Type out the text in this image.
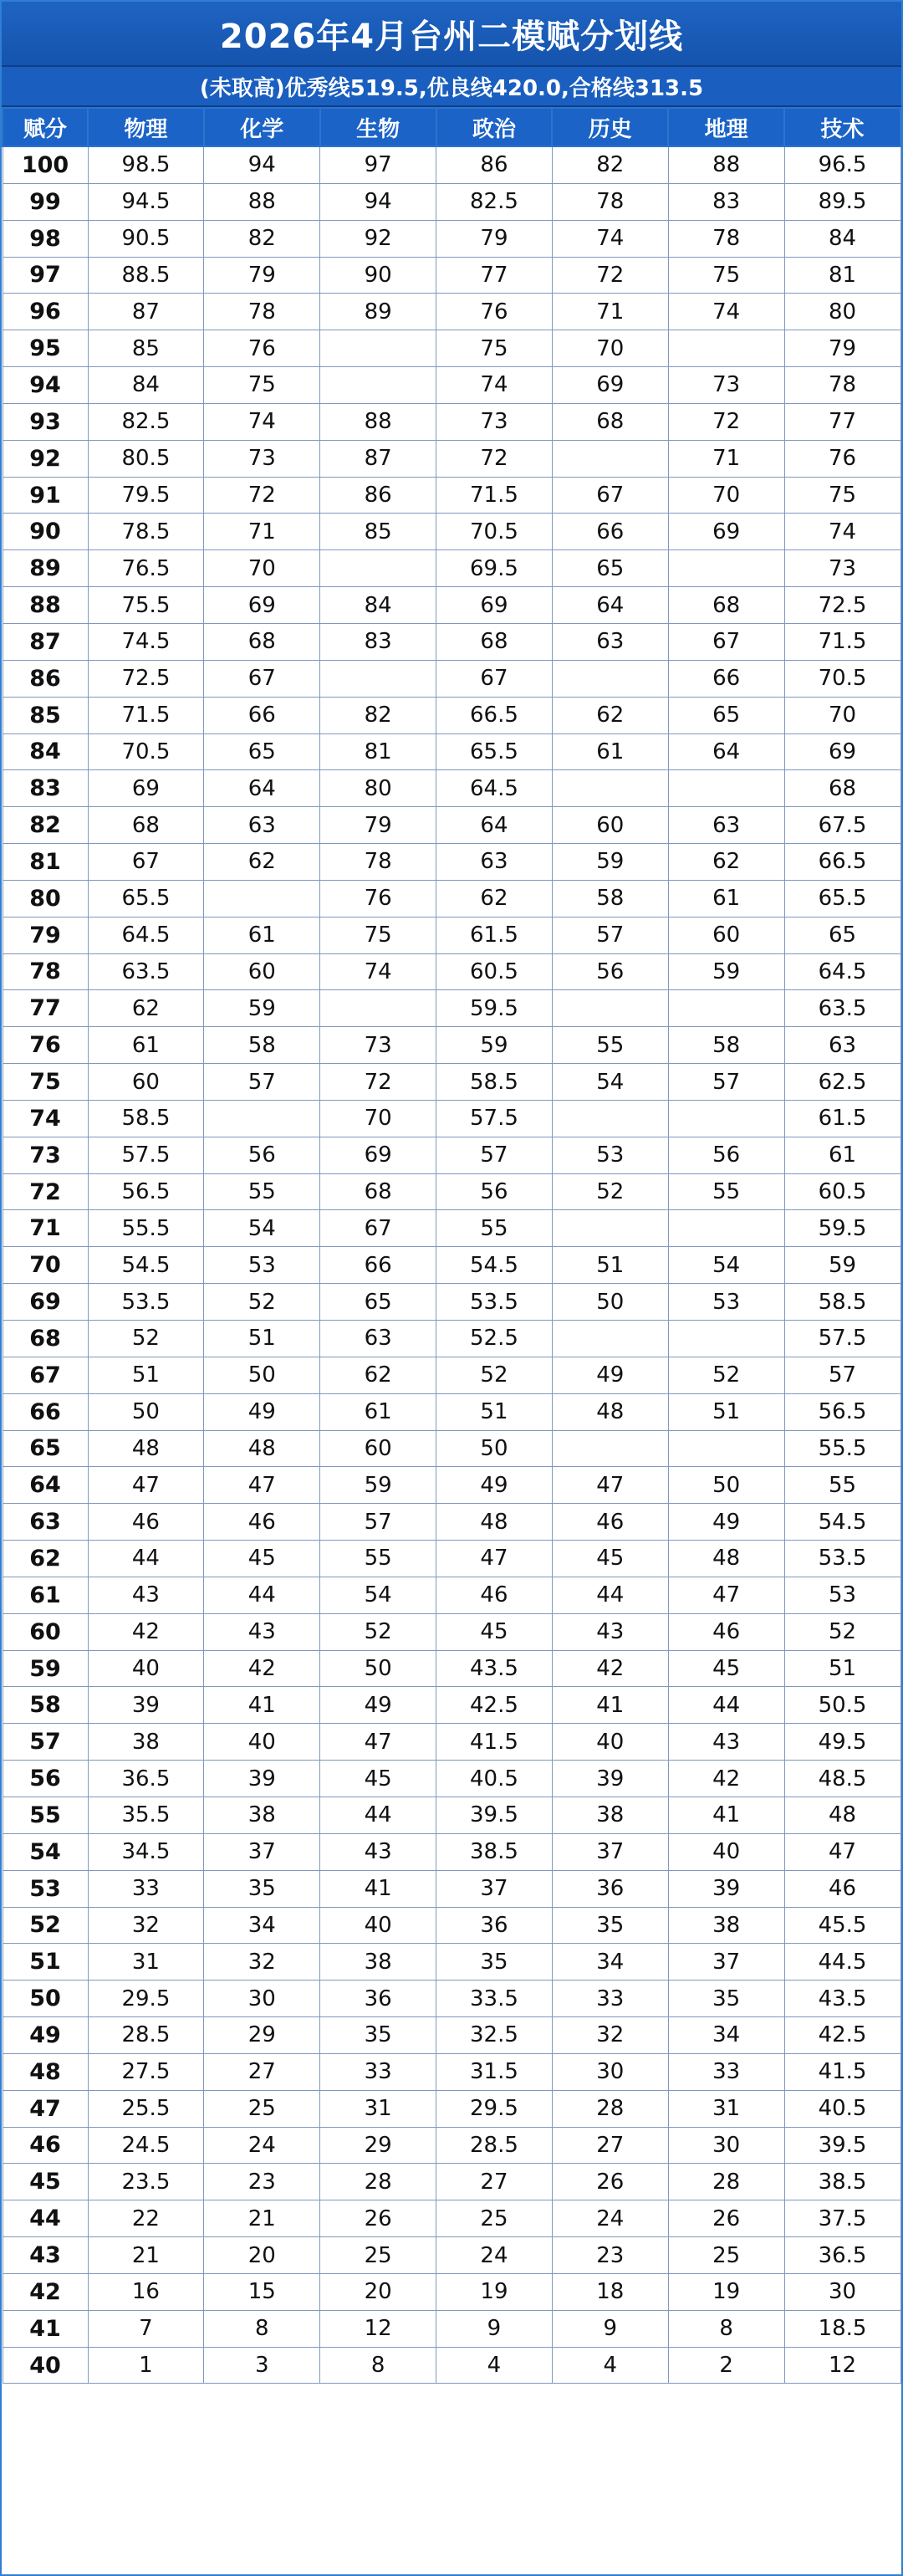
2026年4月台州二模赋分划线
(未取高)优秀线519.5,优良线420.0,合格线313.5
赋分	物理	化学	生物	政治	历史	地理	技术
100	98.5	94	97	86	82	88	96.5
99	94.5	88	94	82.5	78	83	89.5
98	90.5	82	92	79	74	78	84
97	88.5	79	90	77	72	75	81
96	87	78	89	76	71	74	80
95	85	76		75	70		79
94	84	75		74	69	73	78
93	82.5	74	88	73	68	72	77
92	80.5	73	87	72		71	76
91	79.5	72	86	71.5	67	70	75
90	78.5	71	85	70.5	66	69	74
89	76.5	70		69.5	65		73
88	75.5	69	84	69	64	68	72.5
87	74.5	68	83	68	63	67	71.5
86	72.5	67		67		66	70.5
85	71.5	66	82	66.5	62	65	70
84	70.5	65	81	65.5	61	64	69
83	69	64	80	64.5			68
82	68	63	79	64	60	63	67.5
81	67	62	78	63	59	62	66.5
80	65.5		76	62	58	61	65.5
79	64.5	61	75	61.5	57	60	65
78	63.5	60	74	60.5	56	59	64.5
77	62	59		59.5			63.5
76	61	58	73	59	55	58	63
75	60	57	72	58.5	54	57	62.5
74	58.5		70	57.5			61.5
73	57.5	56	69	57	53	56	61
72	56.5	55	68	56	52	55	60.5
71	55.5	54	67	55			59.5
70	54.5	53	66	54.5	51	54	59
69	53.5	52	65	53.5	50	53	58.5
68	52	51	63	52.5			57.5
67	51	50	62	52	49	52	57
66	50	49	61	51	48	51	56.5
65	48	48	60	50			55.5
64	47	47	59	49	47	50	55
63	46	46	57	48	46	49	54.5
62	44	45	55	47	45	48	53.5
61	43	44	54	46	44	47	53
60	42	43	52	45	43	46	52
59	40	42	50	43.5	42	45	51
58	39	41	49	42.5	41	44	50.5
57	38	40	47	41.5	40	43	49.5
56	36.5	39	45	40.5	39	42	48.5
55	35.5	38	44	39.5	38	41	48
54	34.5	37	43	38.5	37	40	47
53	33	35	41	37	36	39	46
52	32	34	40	36	35	38	45.5
51	31	32	38	35	34	37	44.5
50	29.5	30	36	33.5	33	35	43.5
49	28.5	29	35	32.5	32	34	42.5
48	27.5	27	33	31.5	30	33	41.5
47	25.5	25	31	29.5	28	31	40.5
46	24.5	24	29	28.5	27	30	39.5
45	23.5	23	28	27	26	28	38.5
44	22	21	26	25	24	26	37.5
43	21	20	25	24	23	25	36.5
42	16	15	20	19	18	19	30
41	7	8	12	9	9	8	18.5
40	1	3	8	4	4	2	12
